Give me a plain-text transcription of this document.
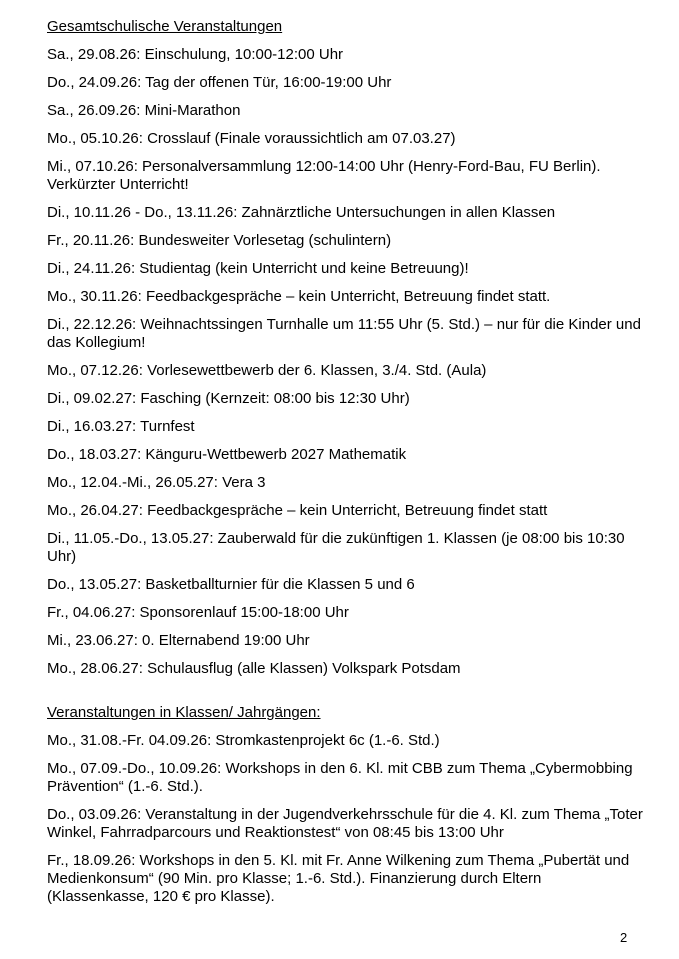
Gesamtschulische Veranstaltungen
Sa., 29.08.26: Einschulung, 10:00-12:00 Uhr
Do., 24.09.26: Tag der offenen Tür, 16:00-19:00 Uhr
Sa., 26.09.26: Mini-Marathon
Mo., 05.10.26: Crosslauf (Finale voraussichtlich am 07.03.27)
Mi., 07.10.26: Personalversammlung 12:00-14:00 Uhr (Henry-Ford-Bau, FU Berlin). Verkürzter Unterricht!
Di., 10.11.26 - Do., 13.11.26: Zahnärztliche Untersuchungen in allen Klassen
Fr., 20.11.26: Bundesweiter Vorlesetag (schulintern)
Di., 24.11.26: Studientag (kein Unterricht und keine Betreuung)!
Mo., 30.11.26: Feedbackgespräche – kein Unterricht, Betreuung findet statt.
Di., 22.12.26: Weihnachtssingen Turnhalle um 11:55 Uhr (5. Std.) – nur für die Kinder und das Kollegium!
Mo., 07.12.26: Vorlesewettbewerb der 6. Klassen, 3./4. Std. (Aula)
Di., 09.02.27: Fasching (Kernzeit: 08:00 bis 12:30 Uhr)
Di., 16.03.27: Turnfest
Do., 18.03.27: Känguru-Wettbewerb 2027 Mathematik
Mo., 12.04.-Mi., 26.05.27: Vera 3
Mo., 26.04.27: Feedbackgespräche – kein Unterricht, Betreuung findet statt
Di., 11.05.-Do., 13.05.27: Zauberwald für die zukünftigen 1. Klassen (je 08:00 bis 10:30 Uhr)
Do., 13.05.27: Basketballturnier für die Klassen 5 und 6
Fr., 04.06.27: Sponsorenlauf 15:00-18:00 Uhr
Mi., 23.06.27: 0. Elternabend 19:00 Uhr
Mo., 28.06.27: Schulausflug (alle Klassen) Volkspark Potsdam
Veranstaltungen in Klassen/ Jahrgängen:
Mo., 31.08.-Fr. 04.09.26: Stromkastenprojekt 6c (1.-6. Std.)
Mo., 07.09.-Do., 10.09.26: Workshops in den 6. Kl. mit CBB zum Thema „Cybermobbing Prävention“ (1.-6. Std.).
Do., 03.09.26: Veranstaltung in der Jugendverkehrsschule für die 4. Kl. zum Thema „Toter Winkel, Fahrradparcours und Reaktionstest“ von 08:45 bis 13:00 Uhr
Fr., 18.09.26: Workshops in den 5. Kl. mit Fr. Anne Wilkening zum Thema „Pubertät und Medienkonsum“ (90 Min. pro Klasse; 1.-6. Std.). Finanzierung durch Eltern (Klassenkasse, 120 € pro Klasse).
2
